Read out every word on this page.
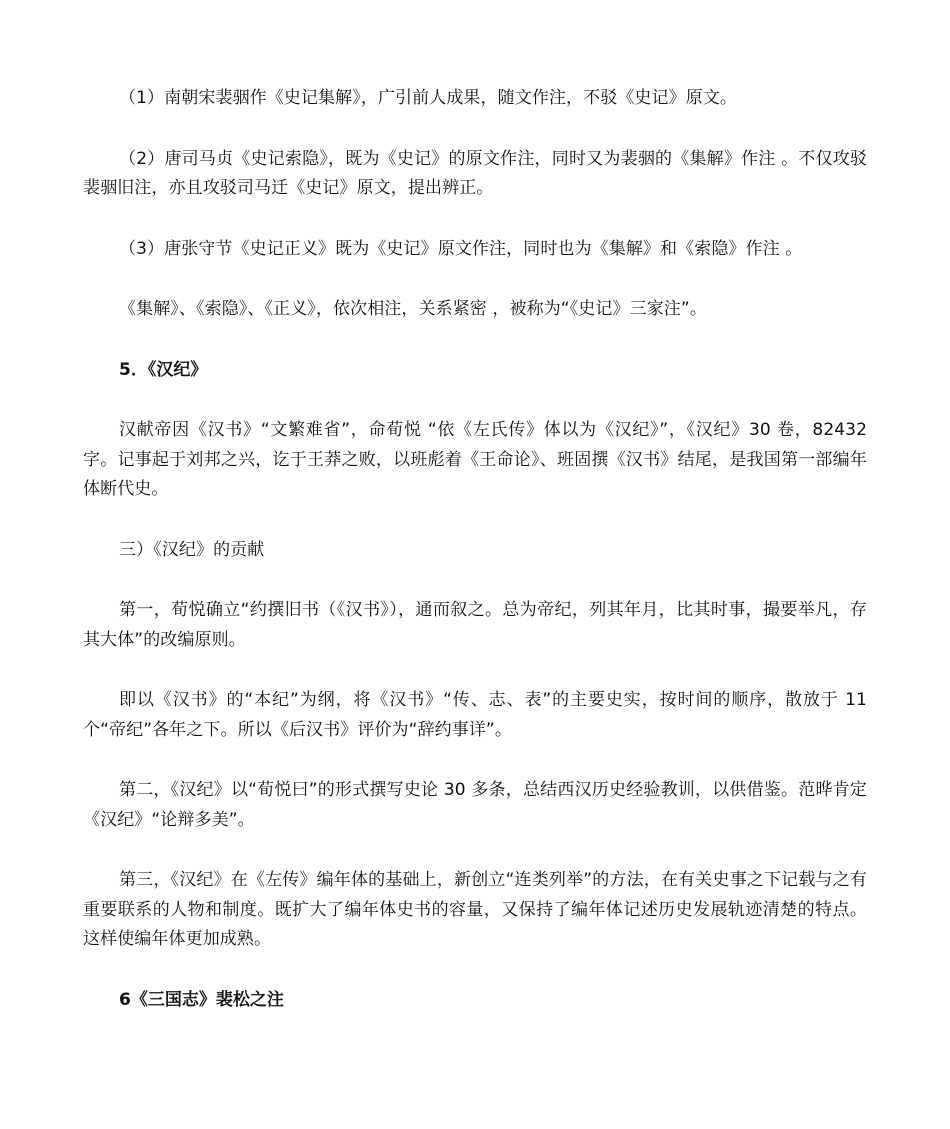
（1）南朝宋裴骃作《史记集解》，广引前人成果，随文作注，不驳《史记》原文。

（2）唐司马贞《史记索隐》，既为《史记》的原文作注，同时又为裴骃的《集解》作注 。不仅攻驳裴骃旧注，亦且攻驳司马迁《史记》原文，提出辨正。

（3）唐张守节《史记正义》既为《史记》原文作注，同时也为《集解》和《索隐》作注 。

《集解》、《索隐》、《正义》，依次相注，关系紧密 ，被称为“《史记》三家注”。

5．《汉纪》

汉献帝因《汉书》“文繁难省”，命荀悦 “依《左氏传》体以为《汉纪》”，《汉纪》30 卷，82432 字。记事起于刘邦之兴，讫于王莽之败，以班彪着《王命论》、班固撰《汉书》结尾，是我国第一部编年体断代史。

三）《汉纪》的贡献

第一，荀悦确立“约撰旧书（《汉书》），通而叙之。总为帝纪，列其年月，比其时事，撮要举凡，存其大体”的改编原则。

即以《汉书》的“本纪”为纲，将《汉书》“传、志、表”的主要史实，按时间的顺序，散放于 11 个“帝纪”各年之下。所以《后汉书》评价为“辞约事详”。

第二，《汉纪》以“荀悦曰”的形式撰写史论 30 多条，总结西汉历史经验教训，以供借鉴。范晔肯定《汉纪》“论辩多美”。

第三，《汉纪》在《左传》编年体的基础上，新创立“连类列举”的方法，在有关史事之下记载与之有重要联系的人物和制度。既扩大了编年体史书的容量，又保持了编年体记述历史发展轨迹清楚的特点。这样使编年体更加成熟。

6《三国志》裴松之注
